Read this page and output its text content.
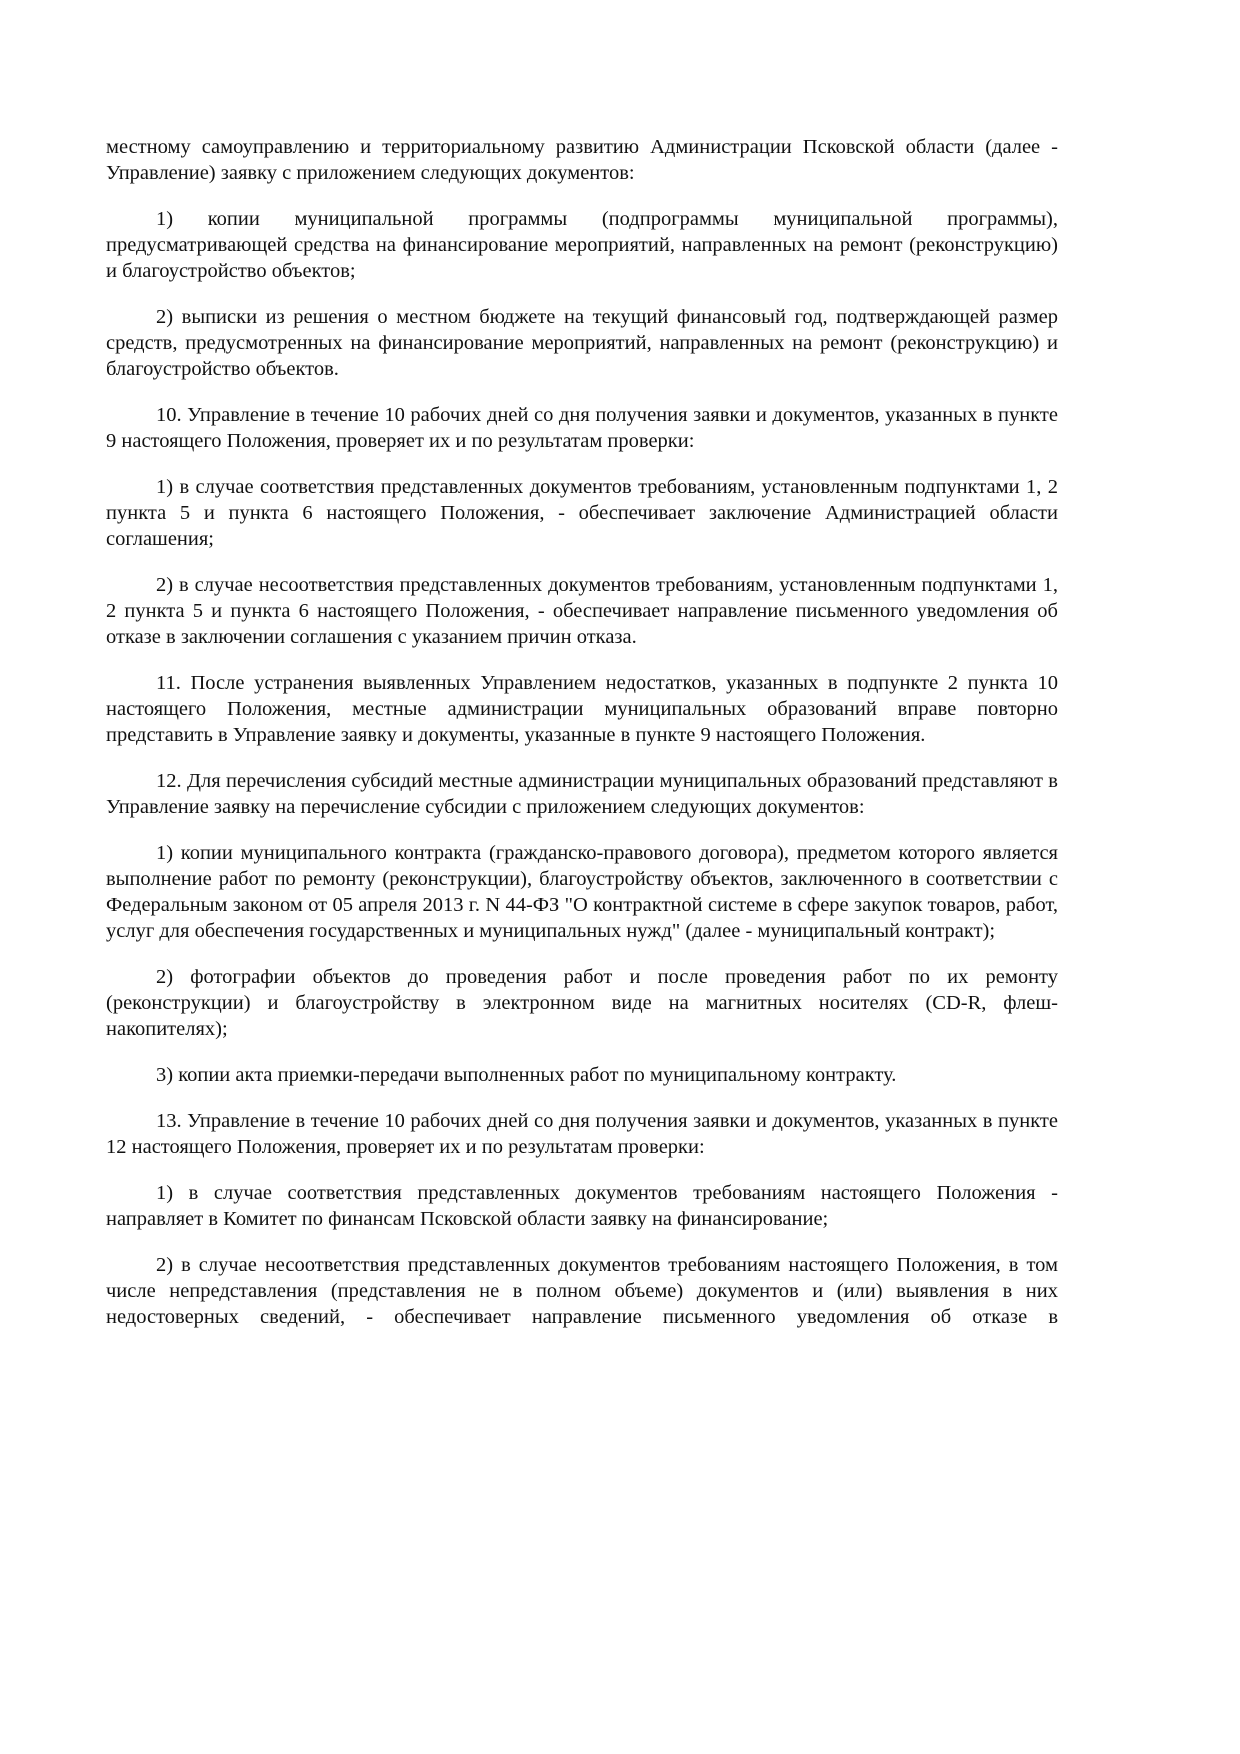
местному самоуправлению и территориальному развитию Администрации Псковской области (далее - Управление) заявку с приложением следующих документов:

1) копии муниципальной программы (подпрограммы муниципальной программы), предусматривающей средства на финансирование мероприятий, направленных на ремонт (реконструкцию) и благоустройство объектов;

2) выписки из решения о местном бюджете на текущий финансовый год, подтверждающей размер средств, предусмотренных на финансирование мероприятий, направленных на ремонт (реконструкцию) и благоустройство объектов.

10. Управление в течение 10 рабочих дней со дня получения заявки и документов, указанных в пункте 9 настоящего Положения, проверяет их и по результатам проверки:

1) в случае соответствия представленных документов требованиям, установленным подпунктами 1, 2 пункта 5 и пункта 6 настоящего Положения, - обеспечивает заключение Администрацией области соглашения;

2) в случае несоответствия представленных документов требованиям, установленным подпунктами 1, 2 пункта 5 и пункта 6 настоящего Положения, - обеспечивает направление письменного уведомления об отказе в заключении соглашения с указанием причин отказа.

11. После устранения выявленных Управлением недостатков, указанных в подпункте 2 пункта 10 настоящего Положения, местные администрации муниципальных образований вправе повторно представить в Управление заявку и документы, указанные в пункте 9 настоящего Положения.

12. Для перечисления субсидий местные администрации муниципальных образований представляют в Управление заявку на перечисление субсидии с приложением следующих документов:

1) копии муниципального контракта (гражданско-правового договора), предметом которого является выполнение работ по ремонту (реконструкции), благоустройству объектов, заключенного в соответствии с Федеральным законом от 05 апреля 2013 г. N 44-ФЗ "О контрактной системе в сфере закупок товаров, работ, услуг для обеспечения государственных и муниципальных нужд" (далее - муниципальный контракт);

2) фотографии объектов до проведения работ и после проведения работ по их ремонту (реконструкции) и благоустройству в электронном виде на магнитных носителях (CD-R, флеш-накопителях);

3) копии акта приемки-передачи выполненных работ по муниципальному контракту.

13. Управление в течение 10 рабочих дней со дня получения заявки и документов, указанных в пункте 12 настоящего Положения, проверяет их и по результатам проверки:

1) в случае соответствия представленных документов требованиям настоящего Положения - направляет в Комитет по финансам Псковской области заявку на финансирование;

2) в случае несоответствия представленных документов требованиям настоящего Положения, в том числе непредставления (представления не в полном объеме) документов и (или) выявления в них недостоверных сведений, - обеспечивает направление письменного уведомления об отказе в
